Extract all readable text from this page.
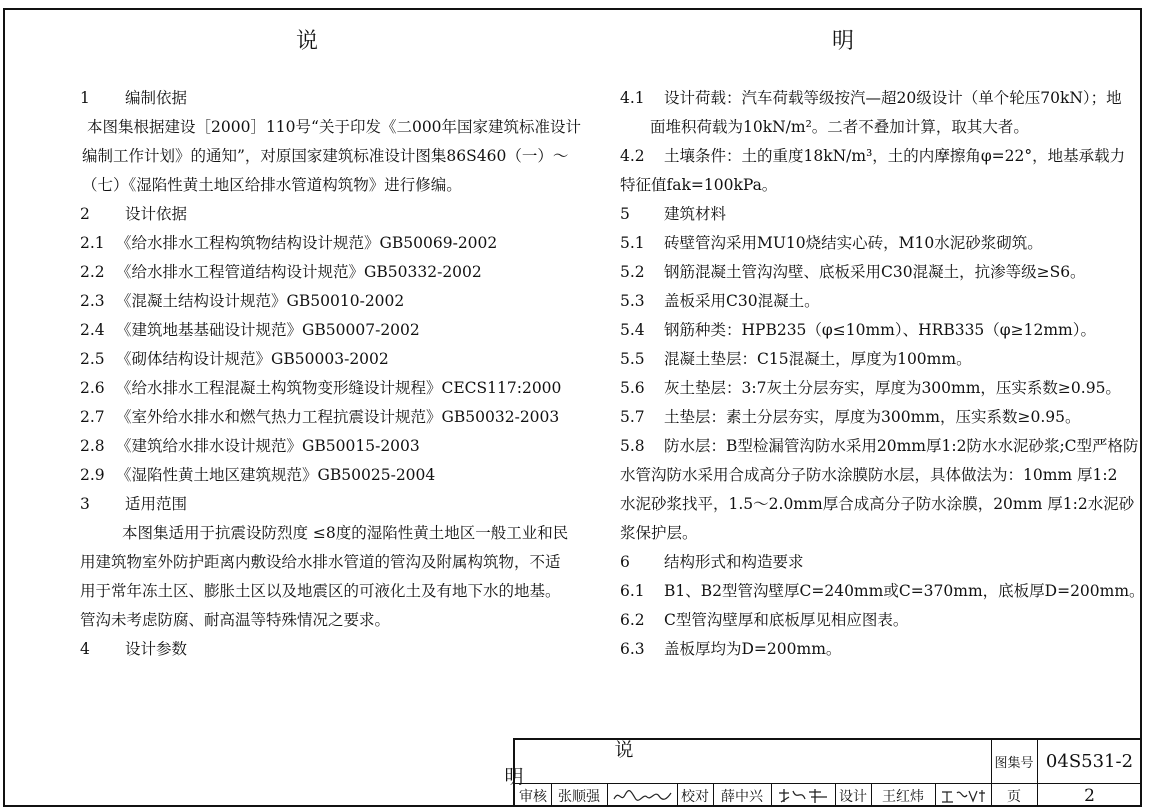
说　　　明
1	编制依据

本图集根据建设［2000］110号“关于印发《二000年国家建筑标准设计

编制工作计划》的通知”，对原国家建筑标准设计图集86S460（一）～

（七）《湿陷性黄土地区给排水管道构筑物》进行修编。

2	设计依据
2.1 《给水排水工程构筑物结构设计规范》GB50069-2002
2.2 《给水排水工程管道结构设计规范》GB50332-2002
2.3 《混凝土结构设计规范》GB50010-2002
2.4 《建筑地基基础设计规范》GB50007-2002
2.5 《砌体结构设计规范》GB50003-2002
2.6 《给水排水工程混凝土构筑物变形缝设计规程》CECS117:2000
2.7 《室外给水排水和燃气热力工程抗震设计规范》GB50032-2003
2.8 《建筑给水排水设计规范》GB50015-2003
2.9 《湿陷性黄土地区建筑规范》GB50025-2004
3	适用范围

本图集适用于抗震设防烈度 ≤8度的湿陷性黄土地区一般工业和民

用建筑物室外防护距离内敷设给水排水管道的管沟及附属构筑物，不适

用于常年冻土区、膨胀土区以及地震区的可液化土及有地下水的地基。

管沟未考虑防腐、耐高温等特殊情况之要求。

4	设计参数
4.1	设计荷载：汽车荷载等级按汽—超20级设计（单个轮压70kN）；地
面堆积荷载为10kN/m²。二者不叠加计算，取其大者。
4.2	土壤条件：土的重度18kN/m³，土的内摩擦角φ=22°，地基承载力
特征值fak=100kPa。
5	建筑材料
5.1	砖壁管沟采用MU10烧结实心砖，M10水泥砂浆砌筑。
5.2	钢筋混凝土管沟沟壁、底板采用C30混凝土，抗渗等级≥S6。
5.3	盖板采用C30混凝土。
5.4	钢筋种类：HPB235（φ≤10mm）、HRB335（φ≥12mm）。
5.5	混凝土垫层：C15混凝土，厚度为100mm。
5.6	灰土垫层：3:7灰土分层夯实，厚度为300mm，压实系数≥0.95。
5.7	土垫层：素土分层夯实，厚度为300mm，压实系数≥0.95。
5.8	防水层：B型检漏管沟防水采用20mm厚1:2防水水泥砂浆;C型严格防
水管沟防水采用合成高分子防水涂膜防水层，具体做法为：10mm 厚1:2
水泥砂浆找平，1.5～2.0mm厚合成高分子防水涂膜，20mm 厚1:2水泥砂
浆保护层。
6	结构形式和构造要求
6.1	B1、B2型管沟壁厚C=240mm或C=370mm，底板厚D=200mm。
6.2	C型管沟壁厚和底板厚见相应图表。
6.3	盖板厚均为D=200mm。
说　　明
图集号 04S531-2
审核 张顺强	校对 薛中兴	设计	王红炜	页	2
